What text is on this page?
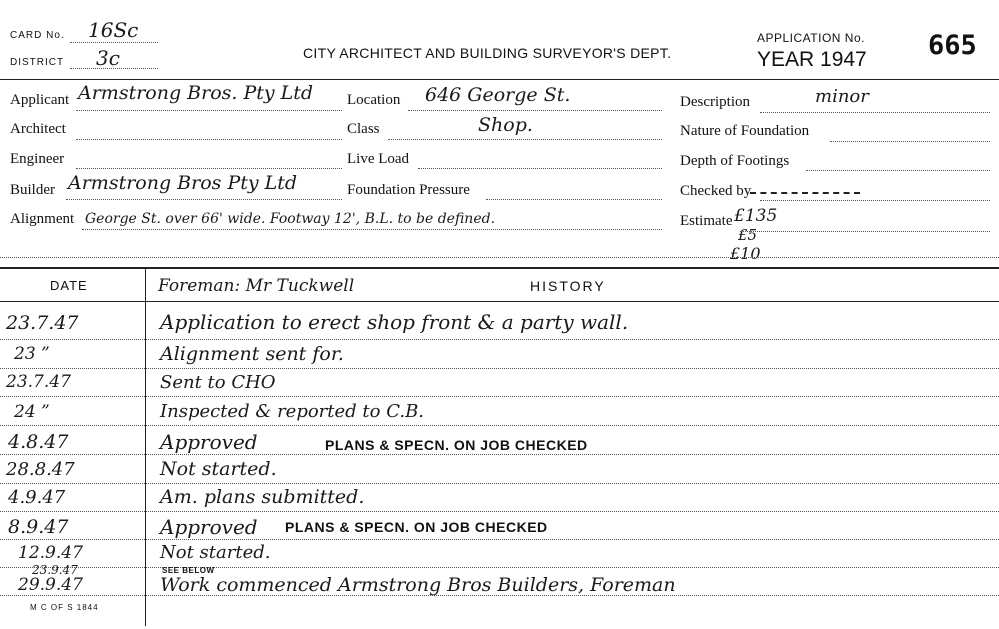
CARD No. 16Sc
DISTRICT 3c	CITY ARCHITECT AND BUILDING SURVEYOR'S DEPT.
APPLICATION No.
YEAR 1947 665
Applicant Armstrong Bros. Pty Ltd
Architect
Engineer
Builder Armstrong Bros Pty Ltd
Alignment George St. over 66' wide. Footway 12', B.L. to be defined.
Location 646 George St.
Class	Shop.
Live Load
Foundation Pressure
Description	minor
Nature of Foundation
Depth of Footings
Checked by
Estimate £135
£5
£10
DATE	Foreman: Mr Tuckwell	HISTORY
23.7.47	Application to erect shop front & a party wall.
23 ”	Alignment sent for.
23.7.47	Sent to CHO
24 ”	Inspected & reported to C.B.
4.8.47	Approved	PLANS & SPECN. ON JOB CHECKED
28.8.47	Not started.
4.9.47	Am. plans submitted.
8.9.47	Approved PLANS & SPECN. ON JOB CHECKED
12.9.47	Not started.
23.9.47	SEE BELOW
29.9.47	Work commenced Armstrong Bros Builders, Foreman
M C OF S 1844
